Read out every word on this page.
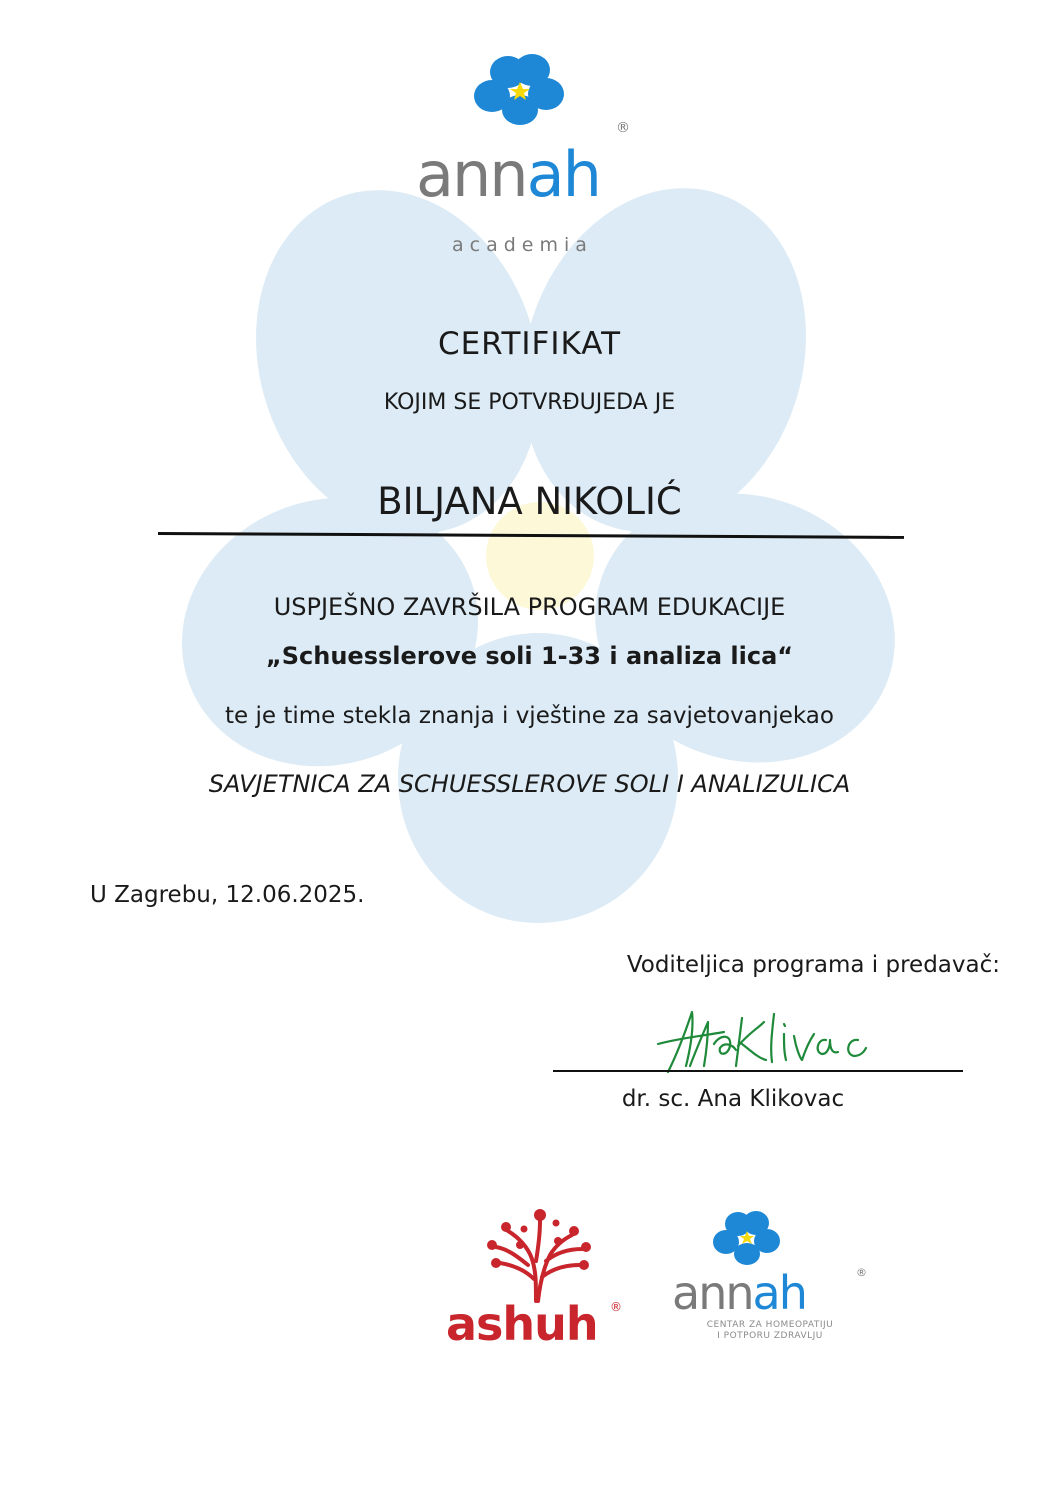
annah
®
academia
CERTIFIKAT
KOJIM SE POTVRĐUJEDA JE
BILJANA NIKOLIĆ
USPJEŠNO ZAVRŠILA PROGRAM EDUKACIJE
„Schuesslerove soli 1-33 i analiza lica“
te je time stekla znanja i vještine za savjetovanjekao
SAVJETNICA ZA SCHUESSLEROVE SOLI I ANALIZULICA
U Zagrebu, 12.06.2025.
Voditeljica programa i predavač:
dr. sc. Ana Klikovac
ashuh ® annah	®
CENTAR ZA HOMEOPATIJU
I POTPORU ZDRAVLJU
